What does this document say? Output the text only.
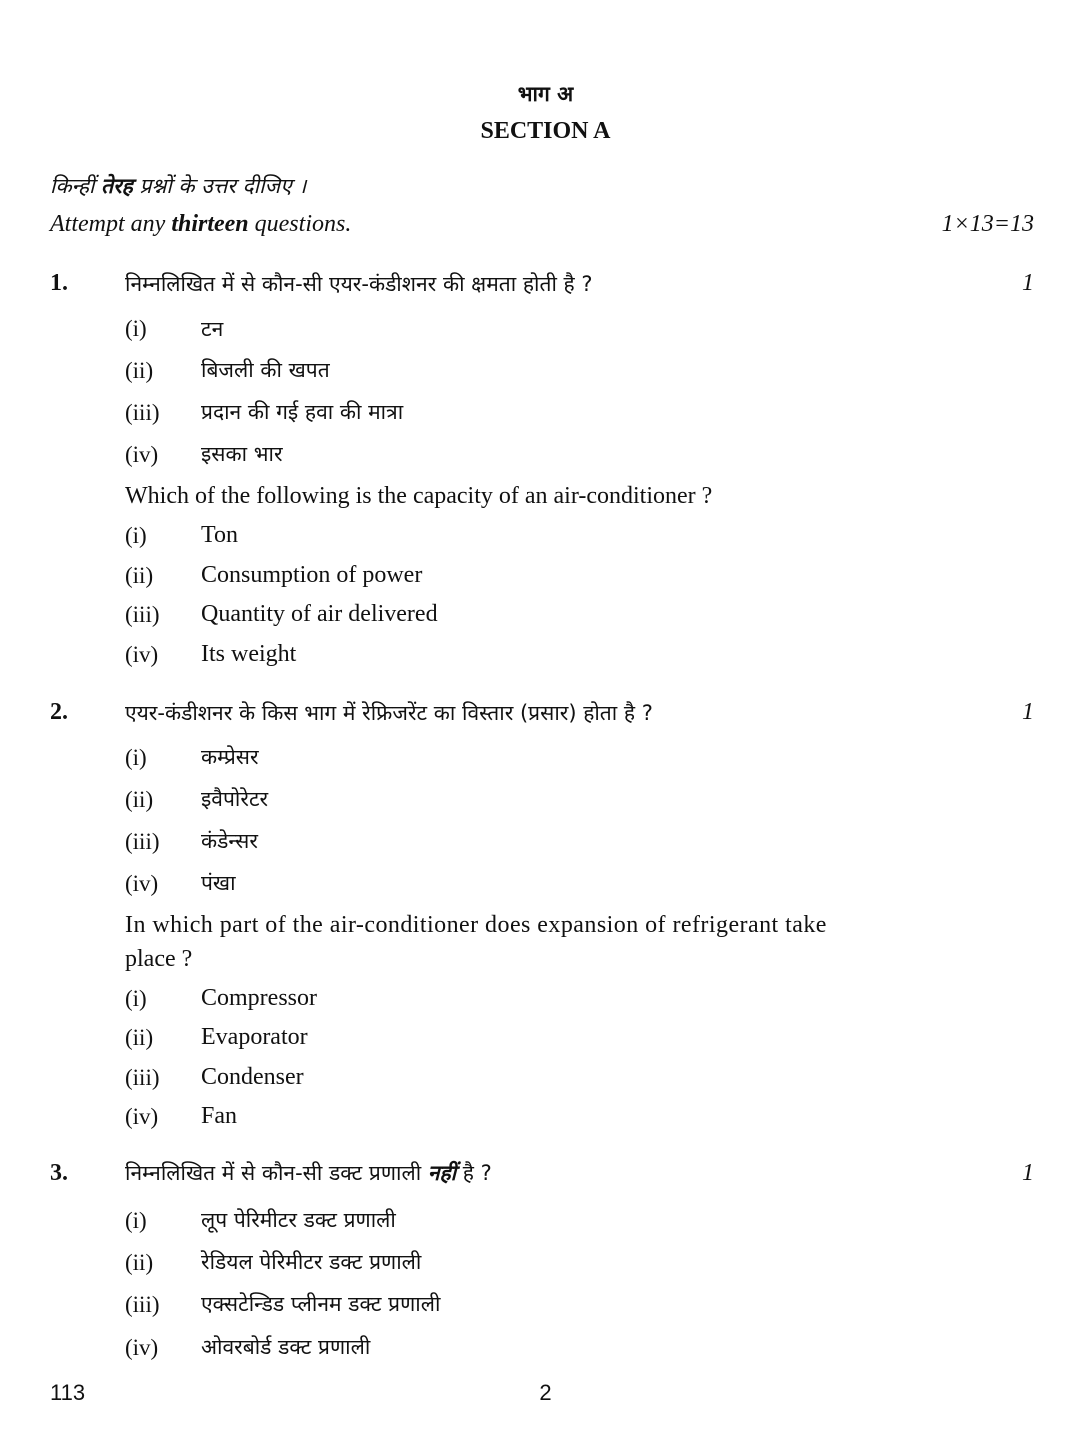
भाग अ
SECTION A
किन्हीं तेरह प्रश्नों के उत्तर दीजिए ।
Attempt any thirteen questions.	1×13=13
1.	निम्नलिखित में से कौन-सी एयर-कंडीशनर की क्षमता होती है ?	1
(i)	टन
(ii) बिजली की खपत
(iii) प्रदान की गई हवा की मात्रा
(iv) इसका भार
Which of the following is the capacity of an air-conditioner ?
(i) Ton
(ii) Consumption of power
(iii) Quantity of air delivered
(iv) Its weight
2.	एयर-कंडीशनर के किस भाग में रेफ्रिजरेंट का विस्तार (प्रसार) होता है ?	1
(i)	कम्प्रेसर
(ii) इवैपोरेटर
(iii) कंडेन्सर
(iv) पंखा
In which part of the air-conditioner does expansion of refrigerant take
place ?
(i) Compressor
(ii) Evaporator
(iii) Condenser
(iv) Fan
3.	निम्नलिखित में से कौन-सी डक्ट प्रणाली नहीं है ?	1
(i)	लूप पेरिमीटर डक्ट प्रणाली
(ii) रेडियल पेरिमीटर डक्ट प्रणाली
(iii) एक्सटेन्डिड प्लीनम डक्ट प्रणाली
(iv) ओवरबोर्ड डक्ट प्रणाली
113	2
